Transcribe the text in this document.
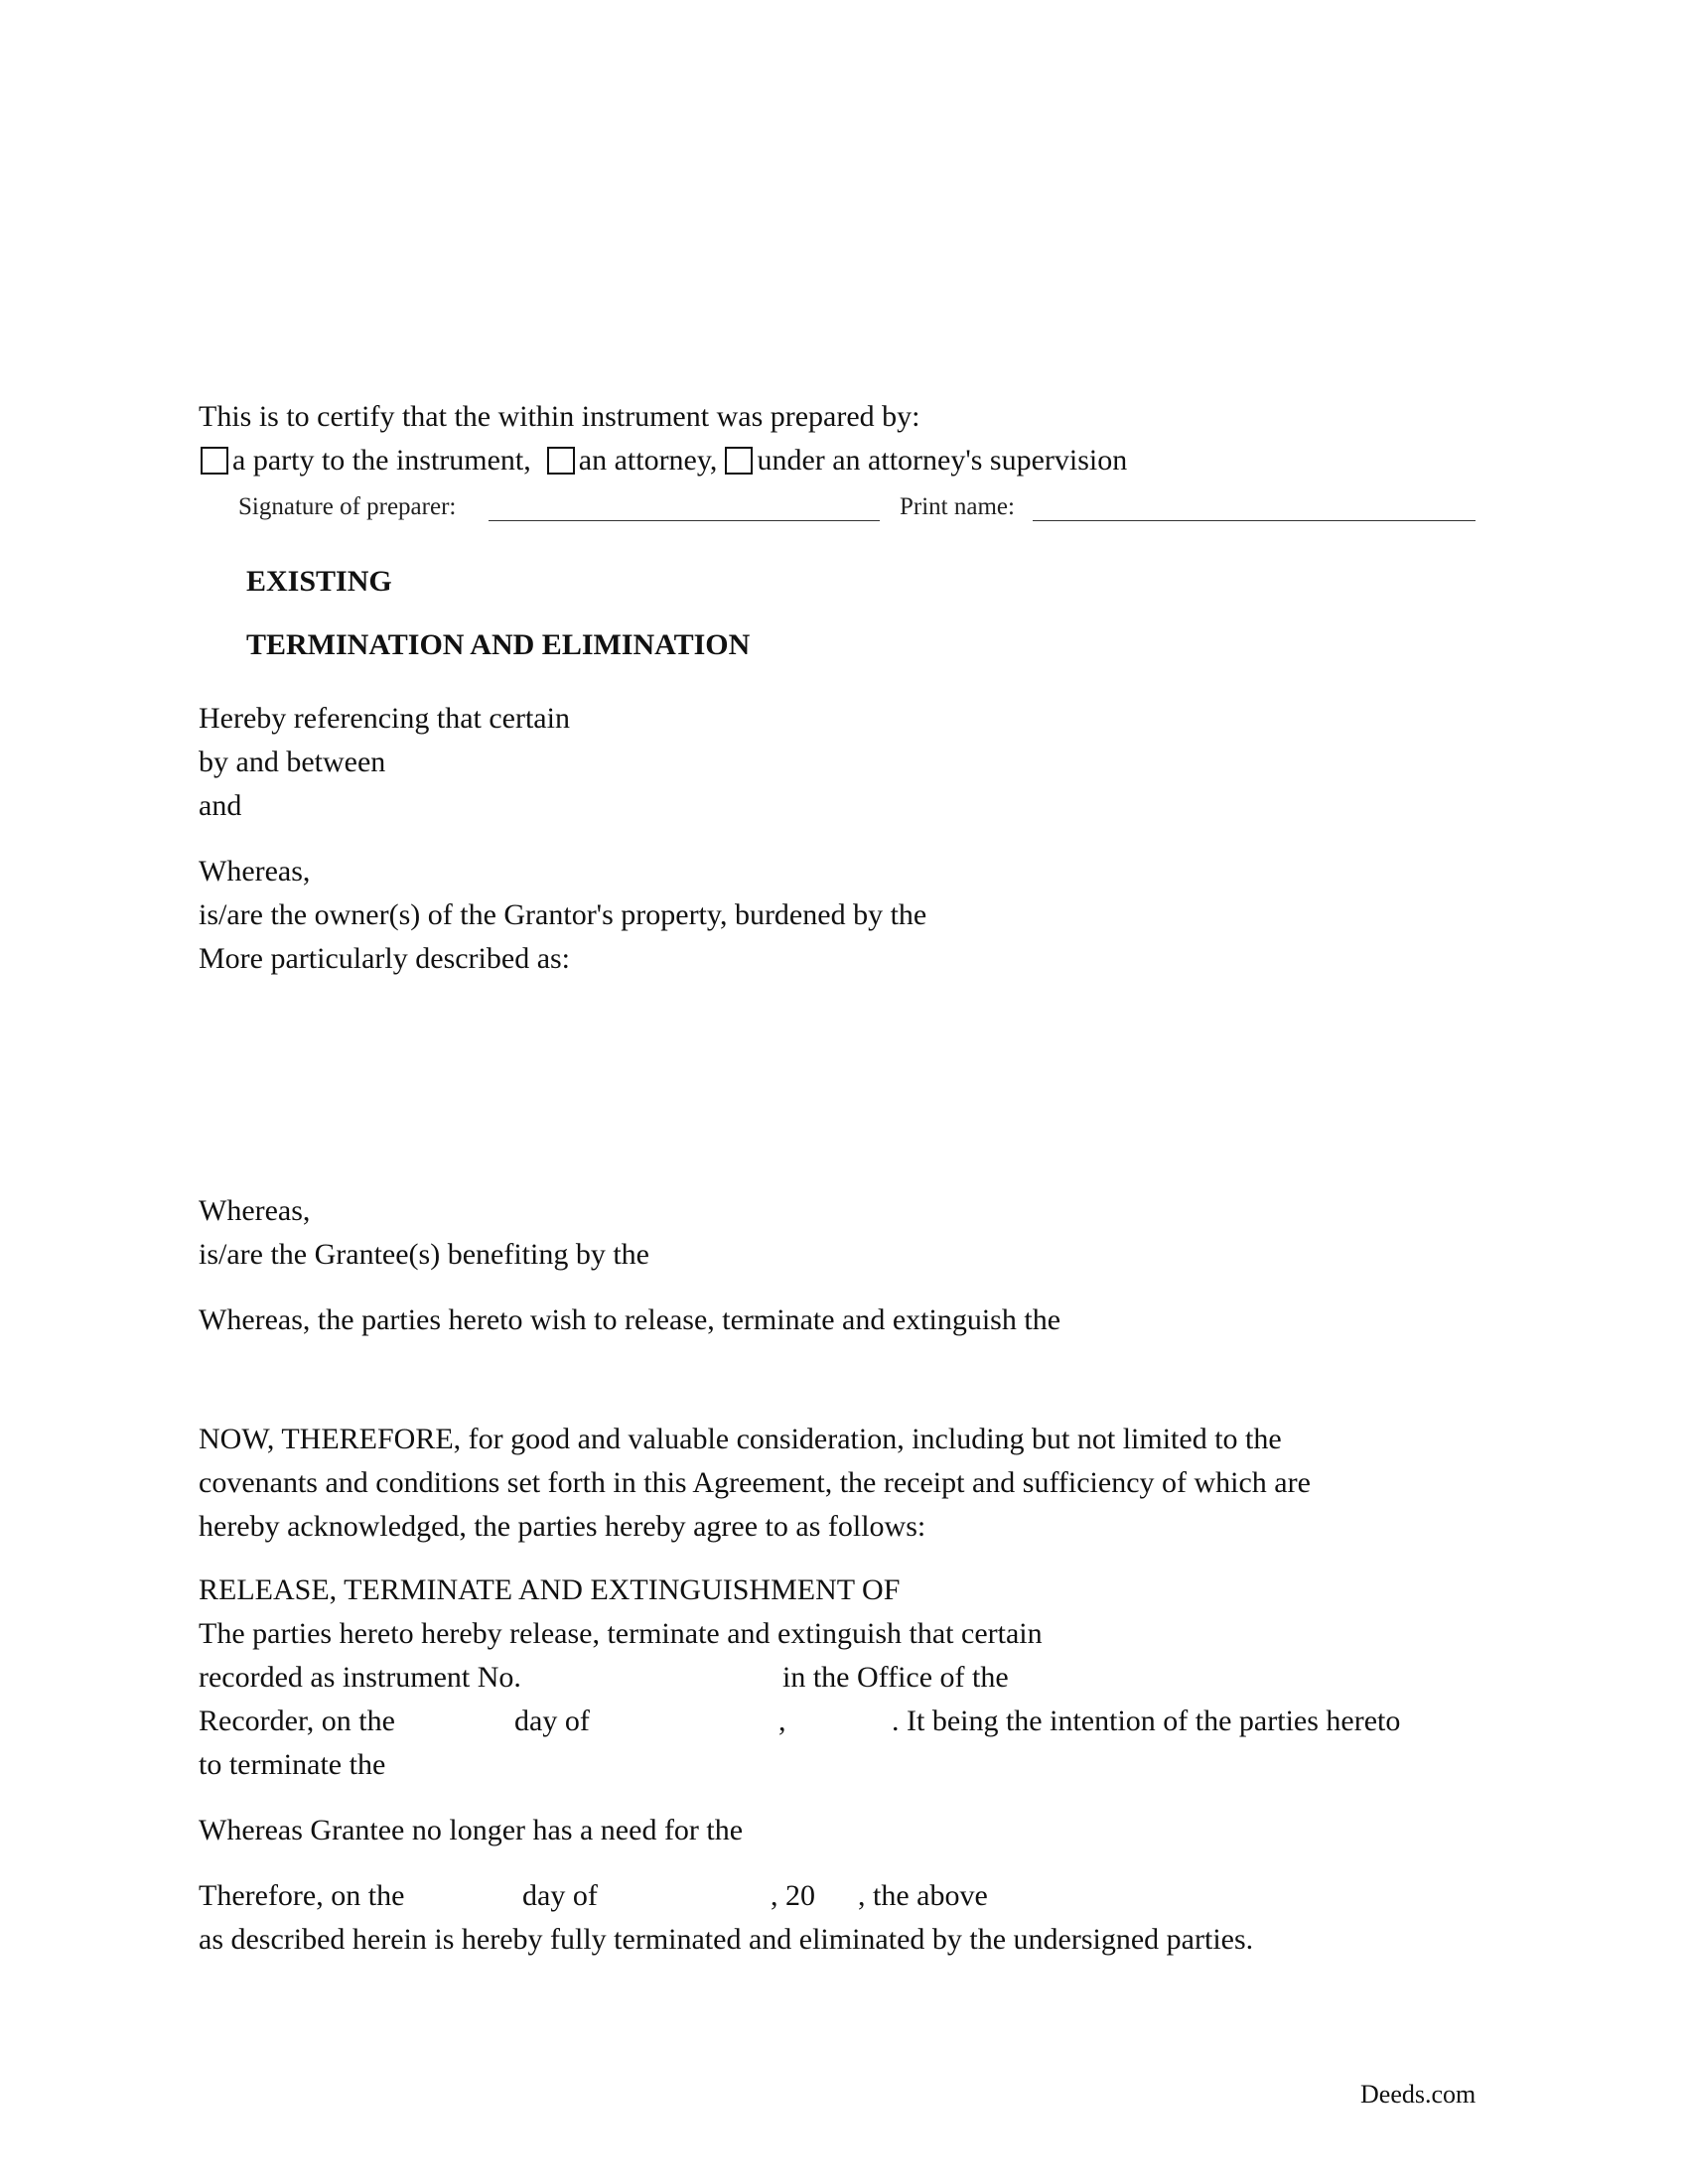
This is to certify that the within instrument was prepared by:
a party to the instrument, an attorney, under an attorney's supervision
Signature of preparer:	Print name:
EXISTING
TERMINATION AND ELIMINATION
Hereby referencing that certain
by and between
and
Whereas,
is/are the owner(s) of the Grantor's property, burdened by the
More particularly described as:
Whereas,
is/are the Grantee(s) benefiting by the
Whereas, the parties hereto wish to release, terminate and extinguish the
NOW, THEREFORE, for good and valuable consideration, including but not limited to the
covenants and conditions set forth in this Agreement, the receipt and sufficiency of which are
hereby acknowledged, the parties hereby agree to as follows:
RELEASE, TERMINATE AND EXTINGUISHMENT OF
The parties hereto hereby release, terminate and extinguish that certain
recorded as instrument No.	in the Office of the
Recorder, on the	day of	,	. It being the intention of the parties hereto
to terminate the
Whereas Grantee no longer has a need for the
Therefore, on the	day of	, 20 , the above
as described herein is hereby fully terminated and eliminated by the undersigned parties.
Deeds.com
